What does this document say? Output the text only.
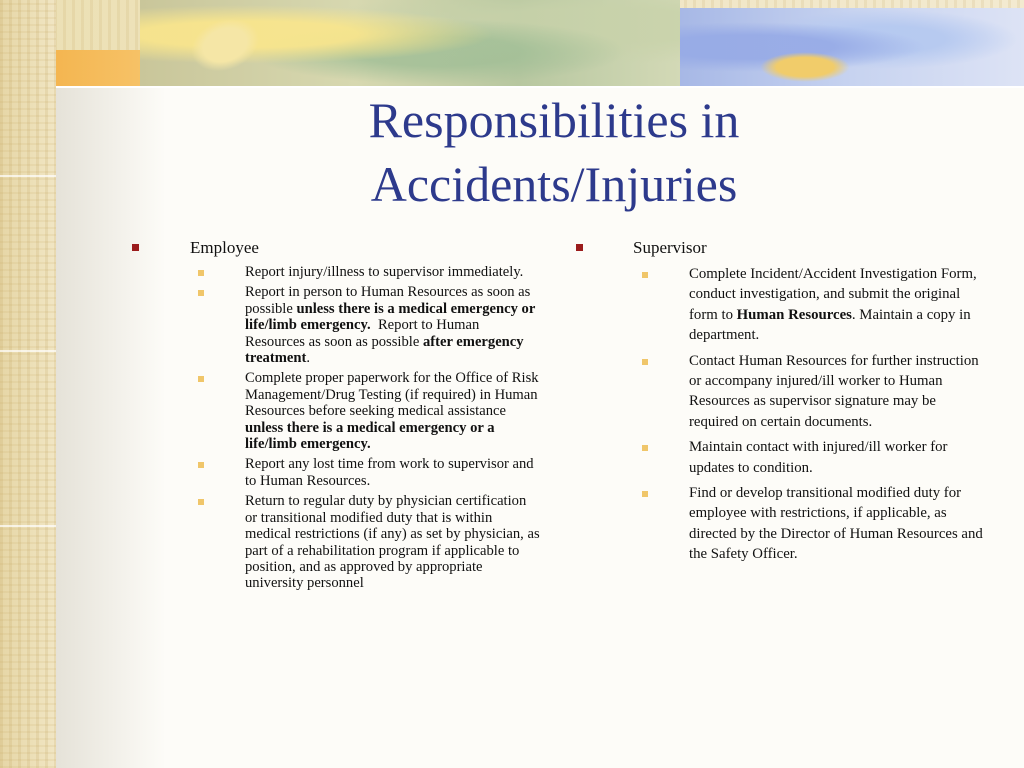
Responsibilities in
Accidents/Injuries
Employee
Report injury/illness to supervisor immediately.
Report in person to Human Resources as soon as possible unless there is a medical emergency or life/limb emergency.  Report to Human Resources as soon as possible after emergency treatment.
Complete proper paperwork for the Office of Risk Management/Drug Testing (if required) in Human Resources before seeking medical assistance unless there is a medical emergency or a life/limb emergency.
Report any lost time from work to supervisor and to Human Resources.
Return to regular duty by physician certification or transitional modified duty that is within medical restrictions (if any) as set by physician, as part of a rehabilitation program if applicable to position, and as approved by appropriate university personnel
Supervisor
Complete Incident/Accident Investigation Form, conduct investigation, and submit the original form to Human Resources. Maintain a copy in department.
Contact Human Resources for further instruction or accompany injured/ill worker to Human Resources as supervisor signature may be required on certain documents.
Maintain contact with injured/ill worker for updates to condition.
Find or develop transitional modified duty for employee with restrictions, if applicable, as directed by the Director of Human Resources and the Safety Officer.
